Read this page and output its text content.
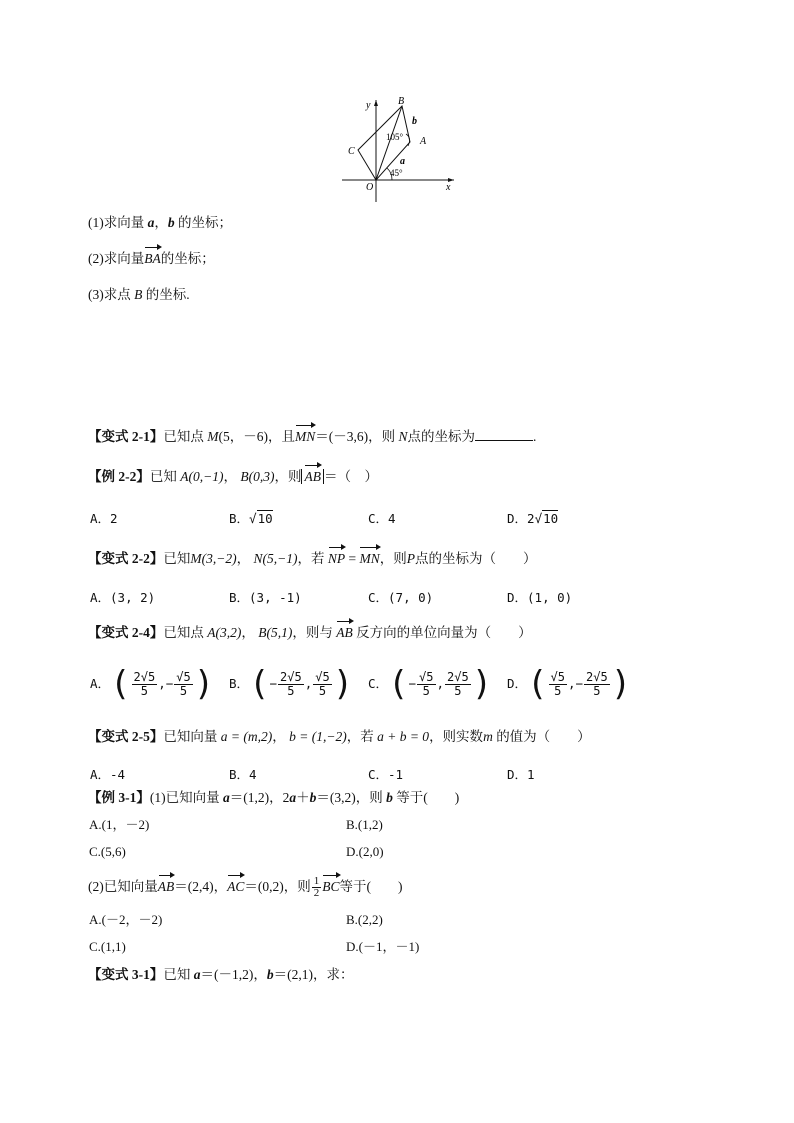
y	B
b
105° A
C
a
45°
O	x
(1)求向量 a，b 的坐标；
(2)求向量BA的坐标；
(3)求点 B 的坐标.
【变式 2-1】已知点 M(5，－6)，且MN＝(－3,6)，则 N点的坐标为	.
【例 2-2】已知 A(0,−1)， B(0,3)，则 AB ＝（　）
A．2	B．√10	C．4	D．2√10
【变式 2-2】已知M(3,−2)， N(5,−1)，若 NP = MN，则P点的坐标为（　　）
A．(3, 2)	B．(3, -1)	C．(7, 0)	D．(1, 0)
【变式 2-4】已知点 A(3,2)， B(5,1)，则与 AB 反方向的单位向量为（　　）
A． ( $\frac{2√5}{5}$ ,− $\frac{√5}{5}$ ) B． ( − $\frac{2√5}{5}$ , $\frac{√5}{5}$ ) C． ( − $\frac{√5}{5}$ , $\frac{2√5}{5}$ ) D． ( $\frac{√5}{5}$ ,− $\frac{2√5}{5}$ )
【变式 2-5】已知向量 a = (m,2)， b = (1,−2)，若 a + b = 0，则实数m 的值为（　　）
A．-4	B．4	C．-1	D．1
【例 3-1】(1)已知向量 a＝(1,2)，2a＋b＝(3,2)，则 b 等于(　　)
A.(1，－2)	B.(1,2)
C.(5,6)	D.(2,0)
(2)已知向量 AB ＝(2,4)， AC ＝(0,2)，则 $\frac{1}{2}$ BC 等于(　　)
A.(－2，－2)	B.(2,2)
C.(1,1)	D.(－1，－1)
【变式 3-1】已知 a＝(－1,2)，b＝(2,1)，求：
